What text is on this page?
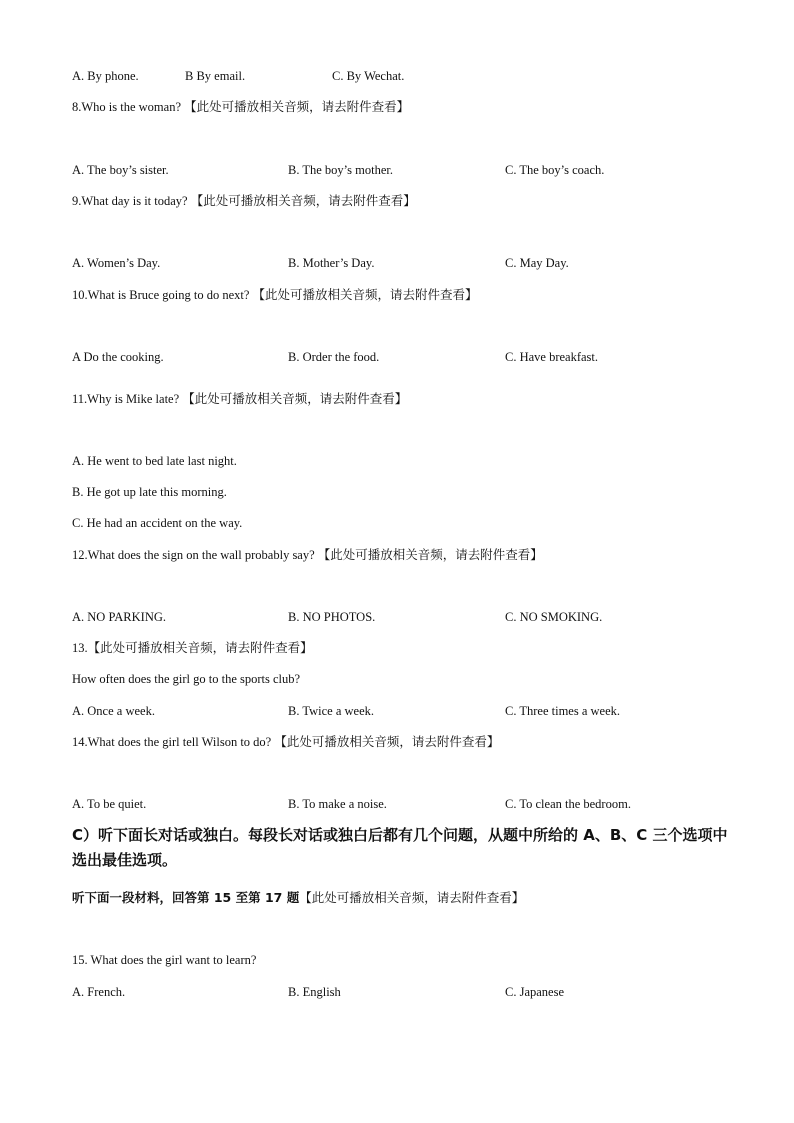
A. By phone.	B By email.	C. By Wechat.
8.Who is the woman? 【此处可播放相关音频，请去附件查看】
A. The boy’s sister.	B. The boy’s mother.	C. The boy’s coach.
9.What day is it today? 【此处可播放相关音频，请去附件查看】
A. Women’s Day.	B. Mother’s Day.	C. May Day.
10.What is Bruce going to do next? 【此处可播放相关音频，请去附件查看】
A Do the cooking.	B. Order the food.	C. Have breakfast.
11.Why is Mike late? 【此处可播放相关音频，请去附件查看】
A. He went to bed late last night.
B. He got up late this morning.
C. He had an accident on the way.
12.What does the sign on the wall probably say? 【此处可播放相关音频，请去附件查看】
A. NO PARKING.	B. NO PHOTOS.	C. NO SMOKING.
13.【此处可播放相关音频，请去附件查看】
How often does the girl go to the sports club?
A. Once a week.	B. Twice a week.	C. Three times a week.
14.What does the girl tell Wilson to do? 【此处可播放相关音频，请去附件查看】
A. To be quiet.	B. To make a noise.	C. To clean the bedroom.
C）听下面长对话或独白。每段长对话或独白后都有几个问题，从题中所给的 A、B、C 三个选项中选出最佳选项。
听下面一段材料，回答第 15 至第 17 题【此处可播放相关音频，请去附件查看】
15. What does the girl want to learn?
A. French.	B. English	C. Japanese
